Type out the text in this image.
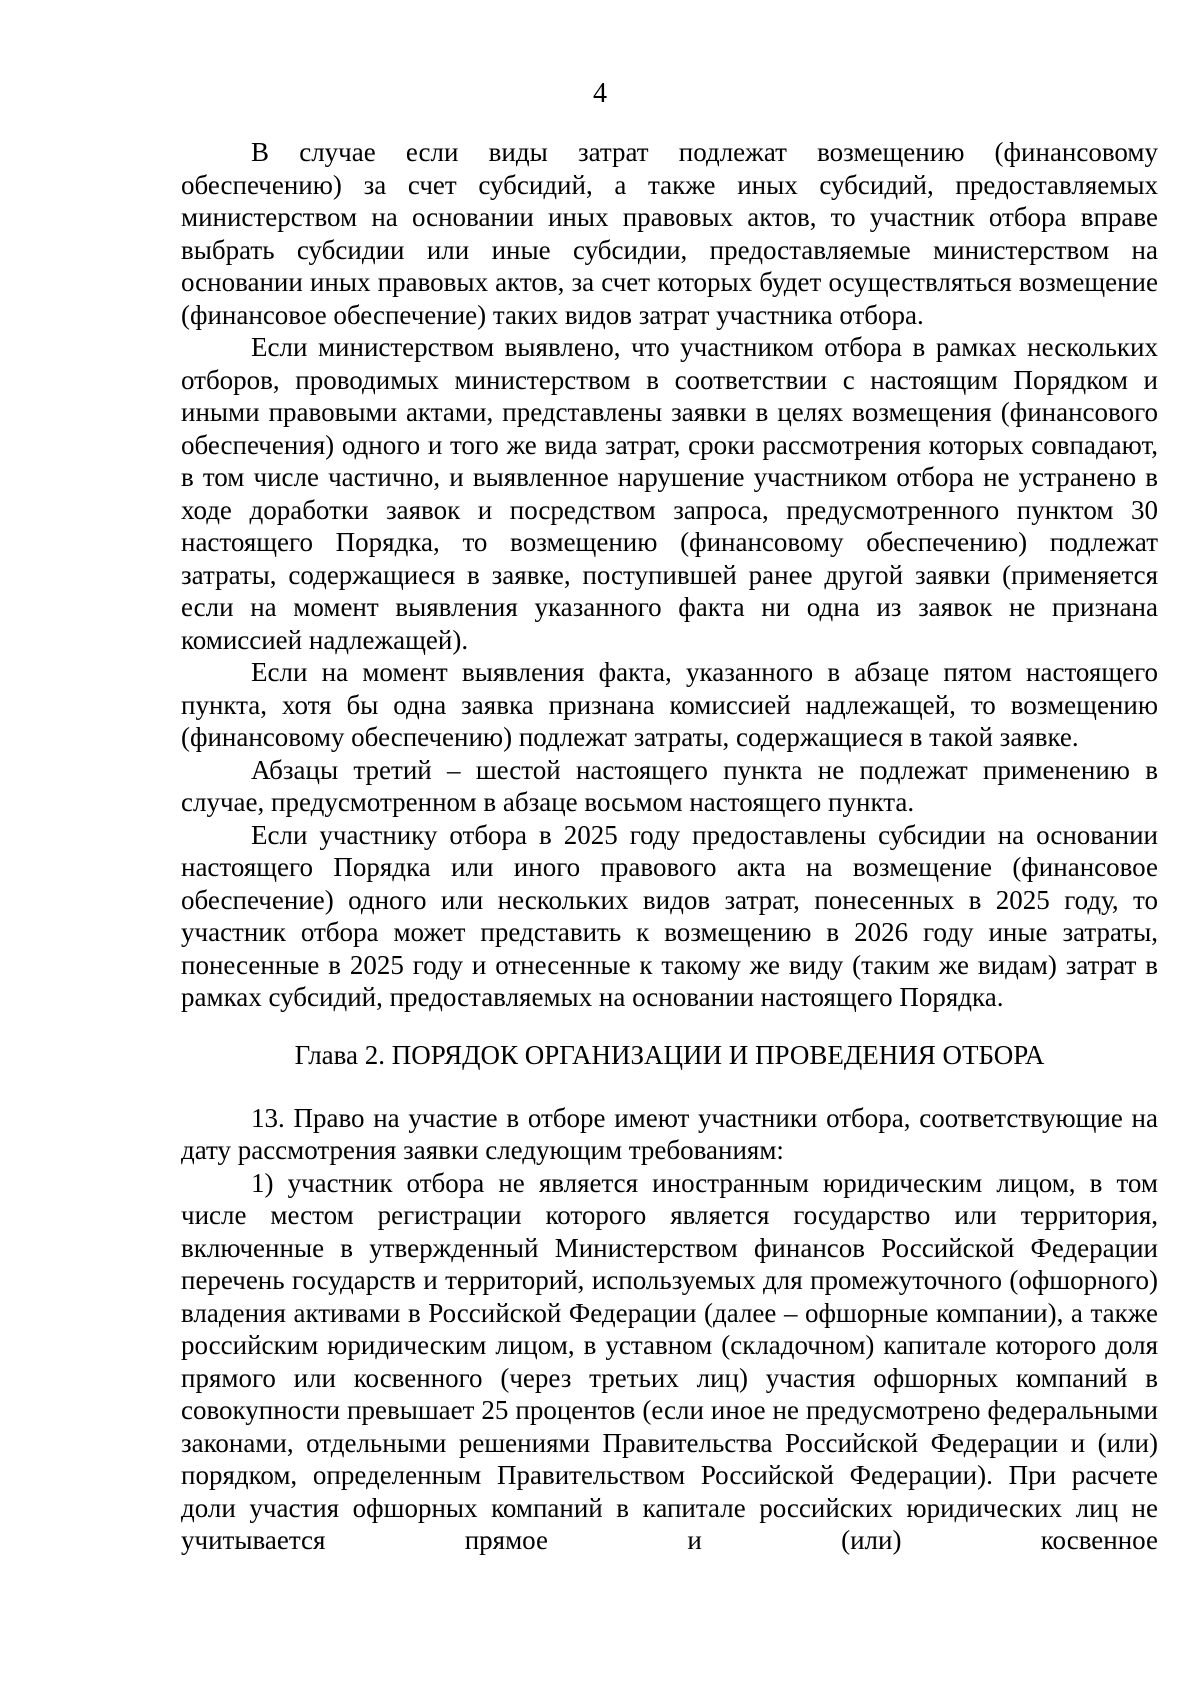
4

В случае если виды затрат подлежат возмещению (финансовому обеспечению) за счет субсидий, а также иных субсидий, предоставляемых министерством на основании иных правовых актов, то участник отбора вправе выбрать субсидии или иные субсидии, предоставляемые министерством на основании иных правовых актов, за счет которых будет осуществляться возмещение (финансовое обеспечение) таких видов затрат участника отбора.

Если министерством выявлено, что участником отбора в рамках нескольких отборов, проводимых министерством в соответствии с настоящим Порядком и иными правовыми актами, представлены заявки в целях возмещения (финансового обеспечения) одного и того же вида затрат, сроки рассмотрения которых совпадают, в том числе частично, и выявленное нарушение участником отбора не устранено в ходе доработки заявок и посредством запроса, предусмотренного пунктом 30 настоящего Порядка, то возмещению (финансовому обеспечению) подлежат затраты, содержащиеся в заявке, поступившей ранее другой заявки (применяется если на момент выявления указанного факта ни одна из заявок не признана комиссией надлежащей).

Если на момент выявления факта, указанного в абзаце пятом настоящего пункта, хотя бы одна заявка признана комиссией надлежащей, то возмещению (финансовому обеспечению) подлежат затраты, содержащиеся в такой заявке.

Абзацы третий – шестой настоящего пункта не подлежат применению в случае, предусмотренном в абзаце восьмом настоящего пункта.

Если участнику отбора в 2025 году предоставлены субсидии на основании настоящего Порядка или иного правового акта на возмещение (финансовое обеспечение) одного или нескольких видов затрат, понесенных в 2025 году, то участник отбора может представить к возмещению в 2026 году иные затраты, понесенные в 2025 году и отнесенные к такому же виду (таким же видам) затрат в рамках субсидий, предоставляемых на основании настоящего Порядка.

Глава 2. ПОРЯДОК ОРГАНИЗАЦИИ И ПРОВЕДЕНИЯ ОТБОРА

13. Право на участие в отборе имеют участники отбора, соответствующие на дату рассмотрения заявки следующим требованиям:

1) участник отбора не является иностранным юридическим лицом, в том числе местом регистрации которого является государство или территория, включенные в утвержденный Министерством финансов Российской Федерации перечень государств и территорий, используемых для промежуточного (офшорного) владения активами в Российской Федерации (далее – офшорные компании), а также российским юридическим лицом, в уставном (складочном) капитале которого доля прямого или косвенного (через третьих лиц) участия офшорных компаний в совокупности превышает 25 процентов (если иное не предусмотрено федеральными законами, отдельными решениями Правительства Российской Федерации и (или) порядком, определенным Правительством Российской Федерации). При расчете доли участия офшорных компаний в капитале российских юридических лиц не учитывается прямое и (или) косвенное
